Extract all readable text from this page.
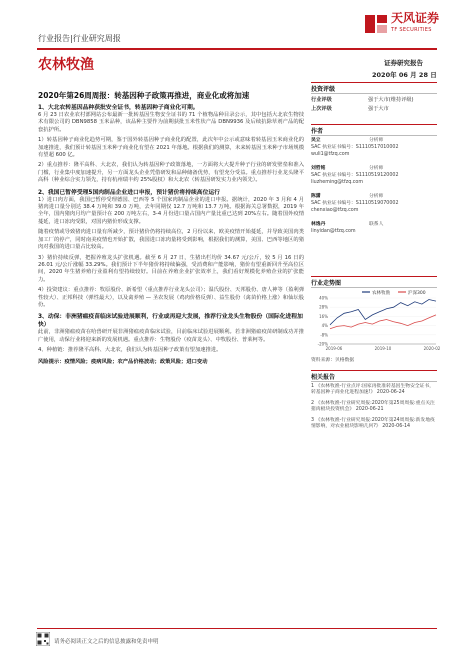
行业报告|行业研究周报
农林牧渔
天风证券
TF SECURITIES
证券研究报告
2020年 06 月 28 日
2020年第26周周报：转基因种子政策再推进，商业化或将加速
1、大北农转基因品种获批安全证书，转基因种子商业化可期。
6 月 23 日农业农村部网站公布最新一批转基因生物安全证书的 71 个植物品种目录公示，其中包括大北农生物技术有限公司的 DBN9858 玉米品种，该品种主要作为前期获批玉米性状产品 DBN9936 及后续抗除草剂产品的配套抗护所。
1）转基因种子商业化趋势可期，鉴于国外转基因种子商业化的配置，此次年中公示或意味着转基因玉米商业化的加速推进，我们预计转基因玉米种子商业化有望在 2021 年落地。根据我们的测算，未来转基因玉米种子市场规模有望超 600 亿。
2）重点推荐：隆平高科、大北农，我们认为转基因种子政策落地，一方面将大大提升种子行业的研发壁垒和准入门槛，行业集中度加速提升，另一方面龙头企业凭借研发和品种储备优势，有望充分受益。重点推荐行业龙头隆平高科（种业综合实力领先，持有杭州瑞丰约 25%股权）和大北农（转基因研发实力业内领先）。
2、我国已暂停受理5国肉制品企业进口申报，预计猪价将持续高位运行
1）进口肉方面，我国已暂停受理德国、巴西等 5 个国家肉制品企业的进口申报。据统计，2020 年 3 月和 4 月猪肉进口量分别达 38.4 万吨和 39.0 万吨，去年同期仅 12.7 万吨和 13.7 万吨。根据海关总署数据，2019 年全年，国内猪肉月均产量预计在 200 万吨左右，3-4 月份进口量占国内产量比重已达到 20%左右。随着国外疫情蔓延，进口冻肉受限，对国内猪价形成支撑。
随着疫情或导致猪肉进口量有所减少，预计猪价仍将持续高位，2 月份以来，欧美疫情开始蔓延，并导致美国肉类加工厂的停产，同时南美疫情也开始扩散，我国进口冻肉量将受到影响，根据我们的测算，美国、巴西等地区的猪肉对我国的进口量占比较高。
3）猪价持续反弹，把握养殖龙头扩张机遇。截至 6 月 27 日，生猪出栏均价 34.67 元/公斤，较 5 月 16 日的 26.01 元/公斤涨幅 33.29%。我们预计下半年猪价将持续偏强，受消费和产能影响，猪价有望重新回升至高位区间，2020 年生猪养殖行业盈利有望持续较好。目前在养殖企业扩张效率上，我们看好规模化养殖企业的扩张能力。
4）投资建议：重点推荐：牧原股份、新希望（重点推荐行业龙头公司）；温氏股份、天邦股份、唐人神等（盈利弹性较大）、正邦科技（弹性最大），以及禽养殖 — 圣农发展（鸡肉价格反弹）、益生股份（禽苗价格上涨）和仙坛股份。
3、动保：非洲猪瘟疫苗临床试验进展顺利，行业或再迎大发展，推荐行业龙头生物股份（国际化进程加快）
此前，非洲猪瘟疫苗在哈兽研开展非洲猪瘟疫苗临床试验，目前临床试验进展顺利。若非洲猪瘟疫苗研制成功并推广使用，动保行业将迎来新的发展机遇。重点推荐：生物股份（疫苗龙头）、中牧股份、普莱柯等。
4、种植链：推荐隆平高科、大北农，我们认为转基因种子政策有望加速推进。
风险提示：疫情风险；疫病风险；农产品价格波动；政策风险；进口变动
投资评级
行业评级	强于大市(维持评级)
上次评级	强于大市
作者
吴立	分析师
SAC 执业证书编号：S1110517010002
wuli1@tfzq.com
刘哲铭	分析师
SAC 执业证书编号：S1110519120002
liuzheming@tfzq.com
陈潇	分析师
SAC 执业证书编号：S1110519070002
chenxiao@tfzq.com
林逸丹	联系人
linyidan@tfzq.com
行业走势图
农林牧渔	沪深300
40%
28%
16%
4%
-8%
-20%
2019-06	2019-10	2020-02
资料来源：贝格数据
相关报告
1 《农林牧渔-行业点评:国家再批准转基因生物安全证书，转基因种子商业化进程加速!》 2020-06-24
2 《农林牧渔-行业研究周报:2020年第25周周报:重点关注猪肉板块投资机会》 2020-06-21
3 《农林牧渔-行业研究周报:2020年第24周周报:新发地疫情影响，对农业板块影响几何?》 2020-06-14
请务必阅读正文之后的信息披露和免责申明
